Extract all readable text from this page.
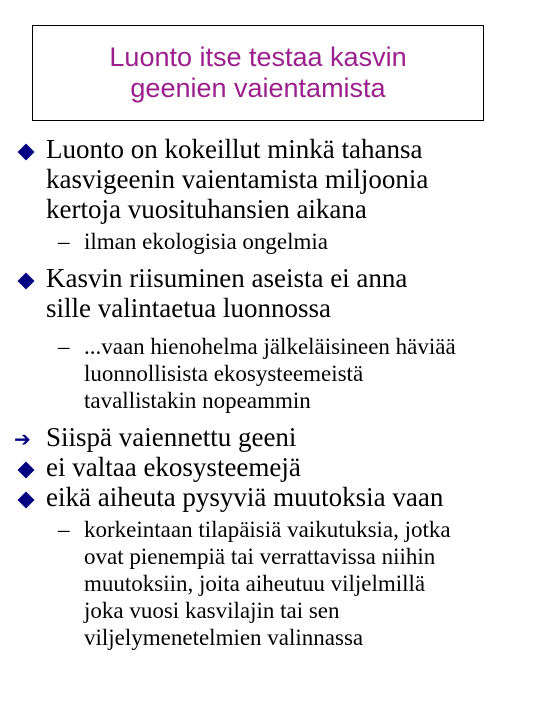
Luonto itse testaa kasvin
geenien vaientamista
Luonto on kokeillut minkä tahansa
kasvigeenin vaientamista miljoonia
kertoja vuosituhansien aikana
– ilman ekologisia ongelmia
Kasvin riisuminen aseista ei anna
sille valintaetua luonnossa
– ...vaan hienohelma jälkeläisineen häviää
luonnollisista ekosysteemeistä
tavallistakin nopeammin
➔ Siispä vaiennettu geeni
ei valtaa ekosysteemejä
eikä aiheuta pysyviä muutoksia vaan
– korkeintaan tilapäisiä vaikutuksia, jotka
ovat pienempiä tai verrattavissa niihin
muutoksiin, joita aiheutuu viljelmillä
joka vuosi kasvilajin tai sen
viljelymenetelmien valinnassa
